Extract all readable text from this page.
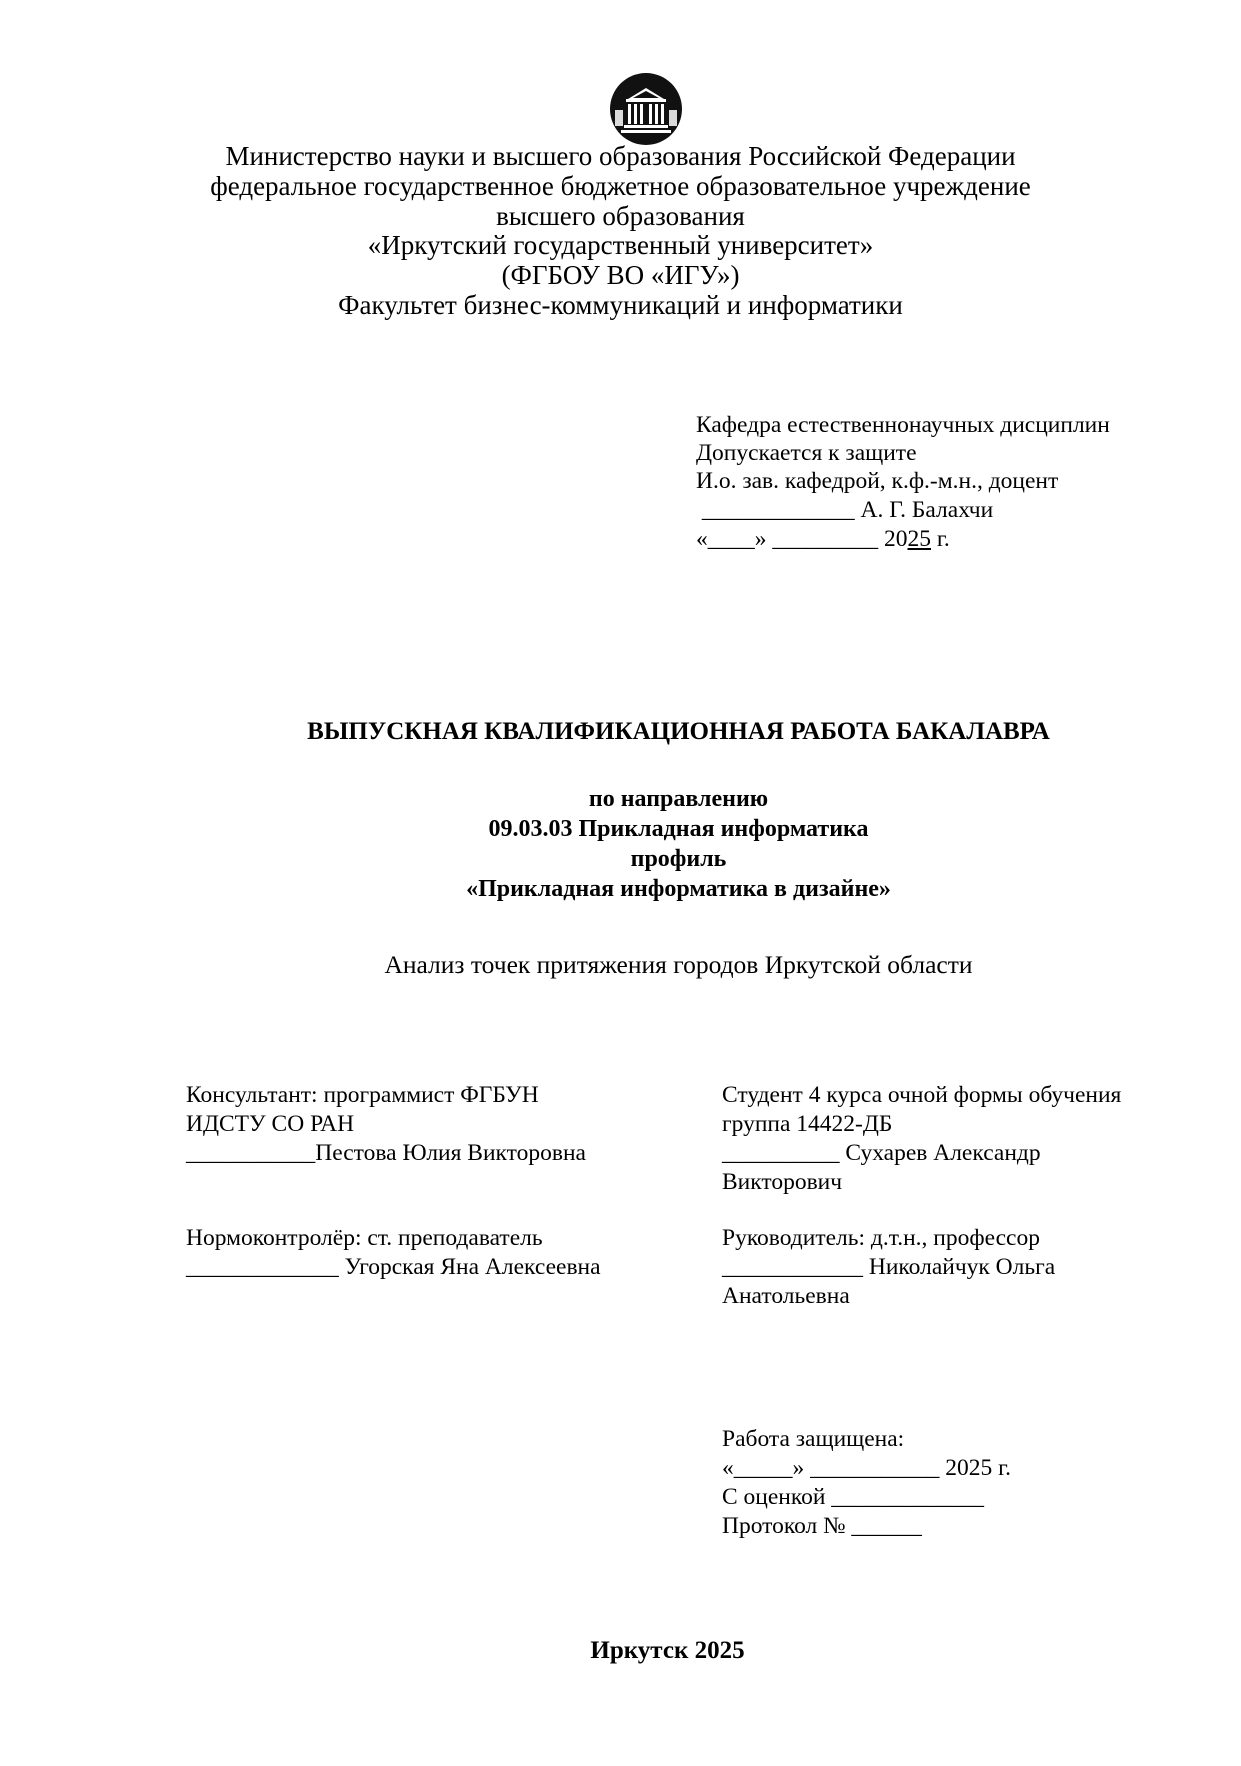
Министерство науки и высшего образования Российской Федерации
федеральное государственное бюджетное образовательное учреждение
высшего образования
«Иркутский государственный университет»
(ФГБОУ ВО «ИГУ»)
Факультет бизнес-коммуникаций и информатики
Кафедра естественнонаучных дисциплин
Допускается к защите
И.о. зав. кафедрой, к.ф.-м.н., доцент
_____________ А. Г. Балахчи
«____» _________ 2025 г.
ВЫПУСКНАЯ КВАЛИФИКАЦИОННАЯ РАБОТА БАКАЛАВРА
по направлению
09.03.03 Прикладная информатика
профиль
«Прикладная информатика в дизайне»
Анализ точек притяжения городов Иркутской области
Консультант: программист ФГБУН
ИДСТУ СО РАН
___________Пестова Юлия Викторовна
Нормоконтролёр: ст. преподаватель
_____________ Угорская Яна Алексеевна
Студент 4 курса очной формы обучения
группа 14422-ДБ
__________ Сухарев Александр
Викторович
Руководитель: д.т.н., профессор
____________ Николайчук Ольга
Анатольевна
Работа защищена:
«_____» ___________ 2025 г.
С оценкой _____________
Протокол № ______
Иркутск 2025
